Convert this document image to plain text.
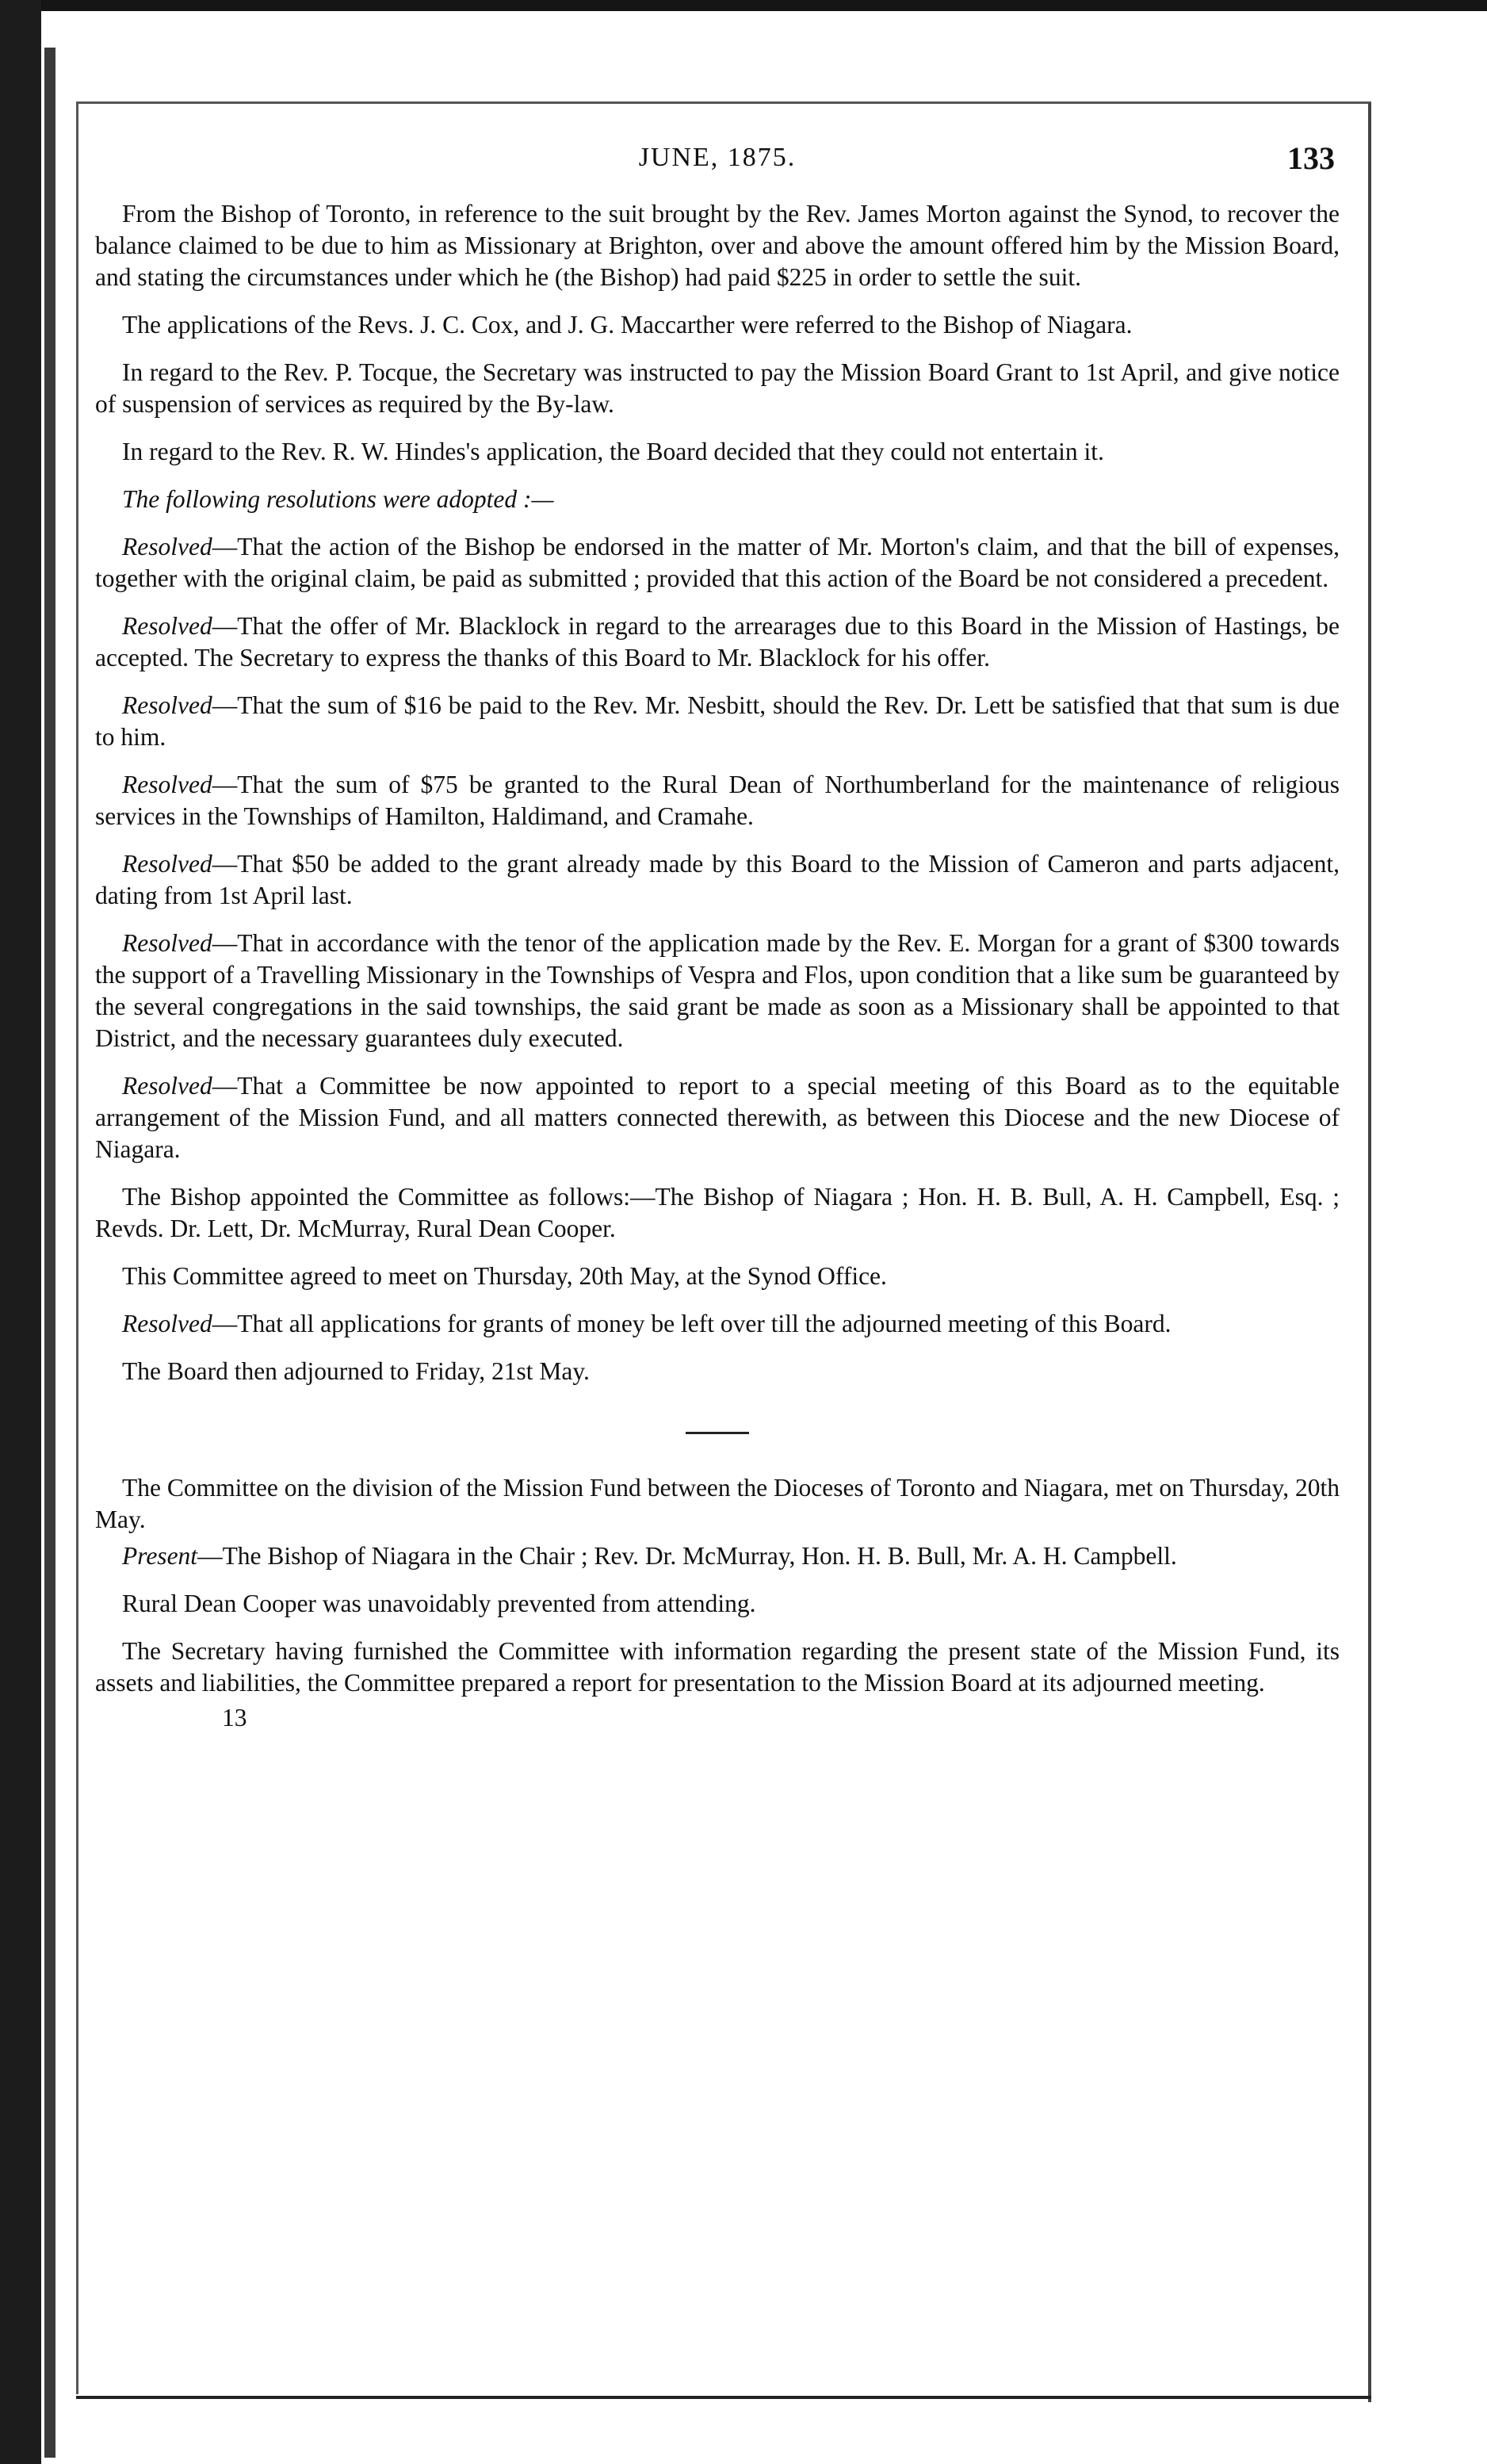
JUNE, 1875.	133

From the Bishop of Toronto, in reference to the suit brought by the Rev. James Morton against the Synod, to recover the balance claimed to be due to him as Missionary at Brighton, over and above the amount offered him by the Mission Board, and stating the circumstances under which he (the Bishop) had paid $225 in order to settle the suit.

The applications of the Revs. J. C. Cox, and J. G. Maccarther were referred to the Bishop of Niagara.

In regard to the Rev. P. Tocque, the Secretary was instructed to pay the Mission Board Grant to 1st April, and give notice of suspension of services as required by the By-law.

In regard to the Rev. R. W. Hindes's application, the Board decided that they could not entertain it.

The following resolutions were adopted :—

Resolved—That the action of the Bishop be endorsed in the matter of Mr. Morton's claim, and that the bill of expenses, together with the original claim, be paid as submitted ; provided that this action of the Board be not considered a precedent.

Resolved—That the offer of Mr. Blacklock in regard to the arrearages due to this Board in the Mission of Hastings, be accepted. The Secretary to express the thanks of this Board to Mr. Blacklock for his offer.

Resolved—That the sum of $16 be paid to the Rev. Mr. Nesbitt, should the Rev. Dr. Lett be satisfied that that sum is due to him.

Resolved—That the sum of $75 be granted to the Rural Dean of Northumberland for the maintenance of religious services in the Townships of Hamilton, Haldimand, and Cramahe.

Resolved—That $50 be added to the grant already made by this Board to the Mission of Cameron and parts adjacent, dating from 1st April last.

Resolved—That in accordance with the tenor of the application made by the Rev. E. Morgan for a grant of $300 towards the support of a Travelling Missionary in the Townships of Vespra and Flos, upon condition that a like sum be guaranteed by the several congregations in the said townships, the said grant be made as soon as a Missionary shall be appointed to that District, and the necessary guarantees duly executed.

Resolved—That a Committee be now appointed to report to a special meeting of this Board as to the equitable arrangement of the Mission Fund, and all matters connected therewith, as between this Diocese and the new Diocese of Niagara.

The Bishop appointed the Committee as follows:—The Bishop of Niagara ; Hon. H. B. Bull, A. H. Campbell, Esq. ; Revds. Dr. Lett, Dr. McMurray, Rural Dean Cooper.

This Committee agreed to meet on Thursday, 20th May, at the Synod Office.

Resolved—That all applications for grants of money be left over till the adjourned meeting of this Board.

The Board then adjourned to Friday, 21st May.

The Committee on the division of the Mission Fund between the Dioceses of Toronto and Niagara, met on Thursday, 20th May.

Present—The Bishop of Niagara in the Chair ; Rev. Dr. McMurray, Hon. H. B. Bull, Mr. A. H. Campbell.

Rural Dean Cooper was unavoidably prevented from attending.

The Secretary having furnished the Committee with information regarding the present state of the Mission Fund, its assets and liabilities, the Committee prepared a report for presentation to the Mission Board at its adjourned meeting.

13
